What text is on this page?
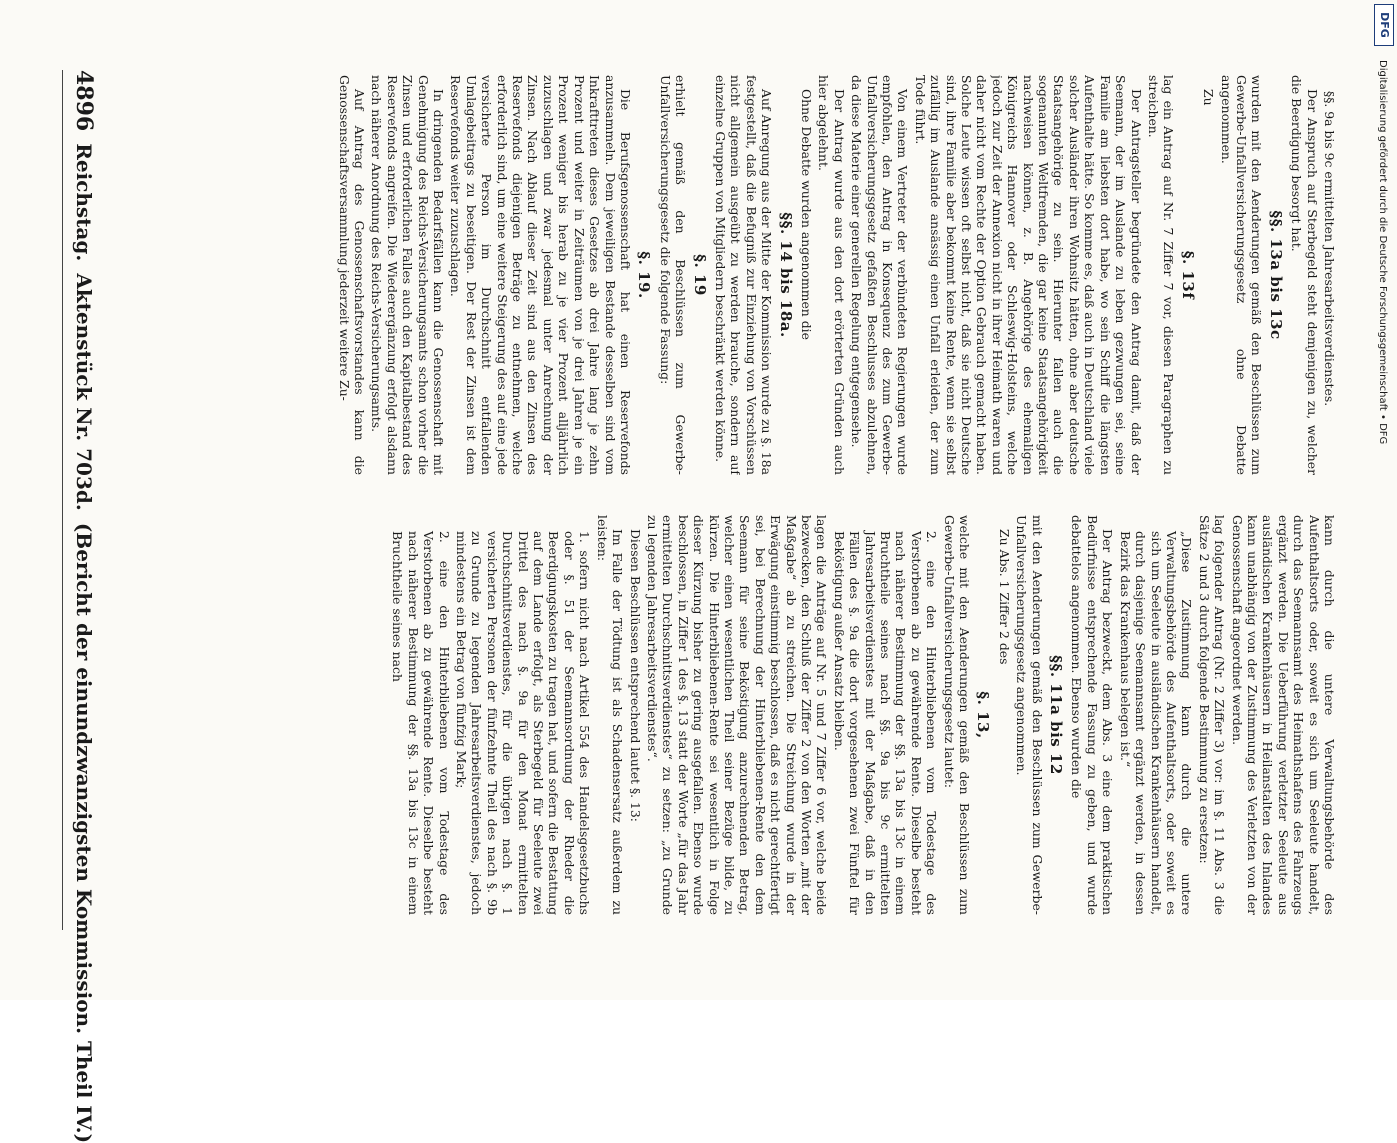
4896
Reichstag.
Aktenstück Nr. 703d.
(Bericht der einundzwanzigsten Kommission. Theil IV.)	kann durch die untere Verwaltungsbehörde des Aufenthaltsorts oder, soweit es sich um Seeleute handelt, durch das Seemannsamt des Heimathshafens des Fahrzeugs ergänzt werden. Die Ueberführung verletzter Seeleute aus ausländischen Krankenhäusern in Heilanstalten des Inlandes kann unabhängig von der Zustimmung des Verletzten von der Genossenschaft angeordnet werden.

lag folgender Antrag (Nr. 2 Ziffer 3) vor: im §. 11 Abs. 3 die Sätze 2 und 3 durch folgende Bestimmung zu ersetzen:

„Diese Zustimmung kann durch die untere Verwaltungsbehörde des Aufenthaltsorts, oder soweit es sich um Seeleute in ausländischen Krankenhäusern handelt, durch dasjenige Seemannsamt ergänzt werden, in dessen Bezirk das Krankenhaus belegen ist.“

Der Antrag bezweckt, dem Abs. 3 eine dem praktischen Bedürfnisse entsprechende Fassung zu geben, und wurde debattelos angenommen. Ebenso wurden die

§§. 11a bis 12

mit den Aenderungen gemäß den Beschlüssen zum Gewerbe-Unfallversicherungsgesetz angenommen.

Zu Abs. 1 Ziffer 2 des

§. 13,

welche mit den Aenderungen gemäß den Beschlüssen zum Gewerbe-Unfallversicherungsgesetz lautet:

2. eine den Hinterbliebenen vom Todestage des Verstorbenen ab zu gewährende Rente. Dieselbe besteht nach näherer Bestimmung der §§. 13a bis 13c in einem Bruchtheile seines nach §§. 9a bis 9c ermittelten Jahresarbeitsverdienstes mit der Maßgabe, daß in den Fällen des §. 9a die dort vorgesehenen zwei Fünftel für Beköstigung außer Ansatz bleiben.

lagen die Anträge auf Nr. 5 und 7 Ziffer 6 vor, welche beide bezwecken, den Schluß der Ziffer 2 von den Worten „mit der Maßgabe“ ab zu streichen. Die Streichung wurde in der Erwägung einstimmig beschlossen, daß es nicht gerechtfertigt sei, bei Berechnung der Hinterbliebenen-Rente den dem Seemann für seine Beköstigung anzurechnenden Betrag, welcher einen wesentlichen Theil seiner Bezüge bilde, zu kürzen. Die Hinterbliebenen-Rente sei wesentlich in Folge dieser Kürzung bisher zu gering ausgefallen. Ebenso wurde beschlossen, in Ziffer 1 des §. 13 statt der Worte „für das Jahr ermittelten Durchschnittsverdienstes“ zu setzen: „zu Grunde zu legenden Jahresarbeitsverdienstes“.

Diesen Beschlüssen entsprechend lautet §. 13:

Im Falle der Tödtung ist als Schadensersatz außerdem zu leisten:

1. sofern nicht nach Artikel 554 des Handelsgesetzbuchs oder §. 51 der Seemannsordnung der Rheder die Beerdigungskosten zu tragen hat, und sofern die Bestattung auf dem Lande erfolgt, als Sterbegeld für Seeleute zwei Drittel des nach §. 9a für den Monat ermittelten Durchschnittsverdienstes, für die übrigen nach §. 1 versicherten Personen der fünfzehnte Theil des nach §. 9b zu Grunde zu legenden Jahresarbeitsverdienstes, jedoch mindestens ein Betrag von fünfzig Mark;

2. eine den Hinterbliebenen vom Todestage des Verstorbenen ab zu gewährende Rente. Dieselbe besteht nach näherer Bestimmung der §§. 13a bis 13c in einem Bruchtheile seines nach

§§. 9a bis 9c ermittelten Jahresarbeitsverdienstes.

Der Anspruch auf Sterbegeld steht demjenigen zu, welcher die Beerdigung besorgt hat.

§§. 13a bis 13c

wurden mit den Aenderungen gemäß den Beschlüssen zum Gewerbe-Unfallversicherungsgesetz ohne Debatte angenommen.

Zu

§. 13f

lag ein Antrag auf Nr. 7 Ziffer 7 vor, diesen Paragraphen zu streichen.

Der Antragsteller begründete den Antrag damit, daß der Seemann, der im Auslande zu leben gezwungen sei, seine Familie am liebsten dort habe, wo sein Schiff die längsten Aufenthalte hätte. So komme es, daß auch in Deutschland viele solcher Ausländer ihren Wohnsitz hätten, ohne aber deutsche Staatsangehörige zu sein. Hierunter fallen auch die sogenannten Weltfremden, die gar keine Staatsangehörigkeit nachweisen können, z. B. Angehörige des ehemaligen Königreichs Hannover oder Schleswig-Holsteins, welche jedoch zur Zeit der Annexion nicht in ihrer Heimath waren und daher nicht vom Rechte der Option Gebrauch gemacht haben. Solche Leute wissen oft selbst nicht, daß sie nicht Deutsche sind, ihre Familie aber bekommt keine Rente, wenn sie selbst zufällig im Auslande ansässig einen Unfall erleiden, der zum Tode führt.

Von einem Vertreter der verbündeten Regierungen wurde empfohlen, den Antrag in Konsequenz des zum Gewerbe-Unfallversicherungsgesetz gefaßten Beschlusses abzulehnen, da diese Materie einer generellen Regelung entgegensehe.

Der Antrag wurde aus den dort erörterten Gründen auch hier abgelehnt.

Ohne Debatte wurden angenommen die

§§. 14 bis 18a.

Auf Anregung aus der Mitte der Kommission wurde zu §. 18a festgestellt, daß die Befugniß zur Einziehung von Vorschüssen nicht allgemein ausgeübt zu werden brauche, sondern auf einzelne Gruppen von Mitgliedern beschränkt werden könne.

§. 19

erhielt gemäß den Beschlüssen zum Gewerbe-Unfallversicherungsgesetz die folgende Fassung:

§. 19.

Die Berufsgenossenschaft hat einen Reservefonds anzusammeln. Dem jeweiligen Bestande desselben sind vom Inkrafttreten dieses Gesetzes ab drei Jahre lang je zehn Prozent und weiter in Zeiträumen von je drei Jahren je ein Prozent weniger bis herab zu je vier Prozent alljährlich zuzuschlagen und zwar jedesmal unter Anrechnung der Zinsen. Nach Ablauf dieser Zeit sind aus den Zinsen des Reservefonds diejenigen Beträge zu entnehmen, welche erforderlich sind, um eine weitere Steigerung des auf eine jede versicherte Person im Durchschnitt entfallenden Umlagebeitrags zu beseitigen. Der Rest der Zinsen ist dem Reservefonds weiter zuzuschlagen.

In dringenden Bedarfsfällen kann die Genossenschaft mit Genehmigung des Reichs-Versicherungsamts schon vorher die Zinsen und erforderlichen Falles auch den Kapitalbestand des Reservefonds angreifen. Die Wiederergänzung erfolgt alsdann nach näherer Anordnung des Reichs-Versicherungsamts.

Auf Antrag des Genossenschaftsvorstandes kann die Genossenschaftsversammlung jederzeit weitere Zu-	Digitalisierung gefördert durch die Deutsche Forschungsgemeinschaft • DFG
DFG
